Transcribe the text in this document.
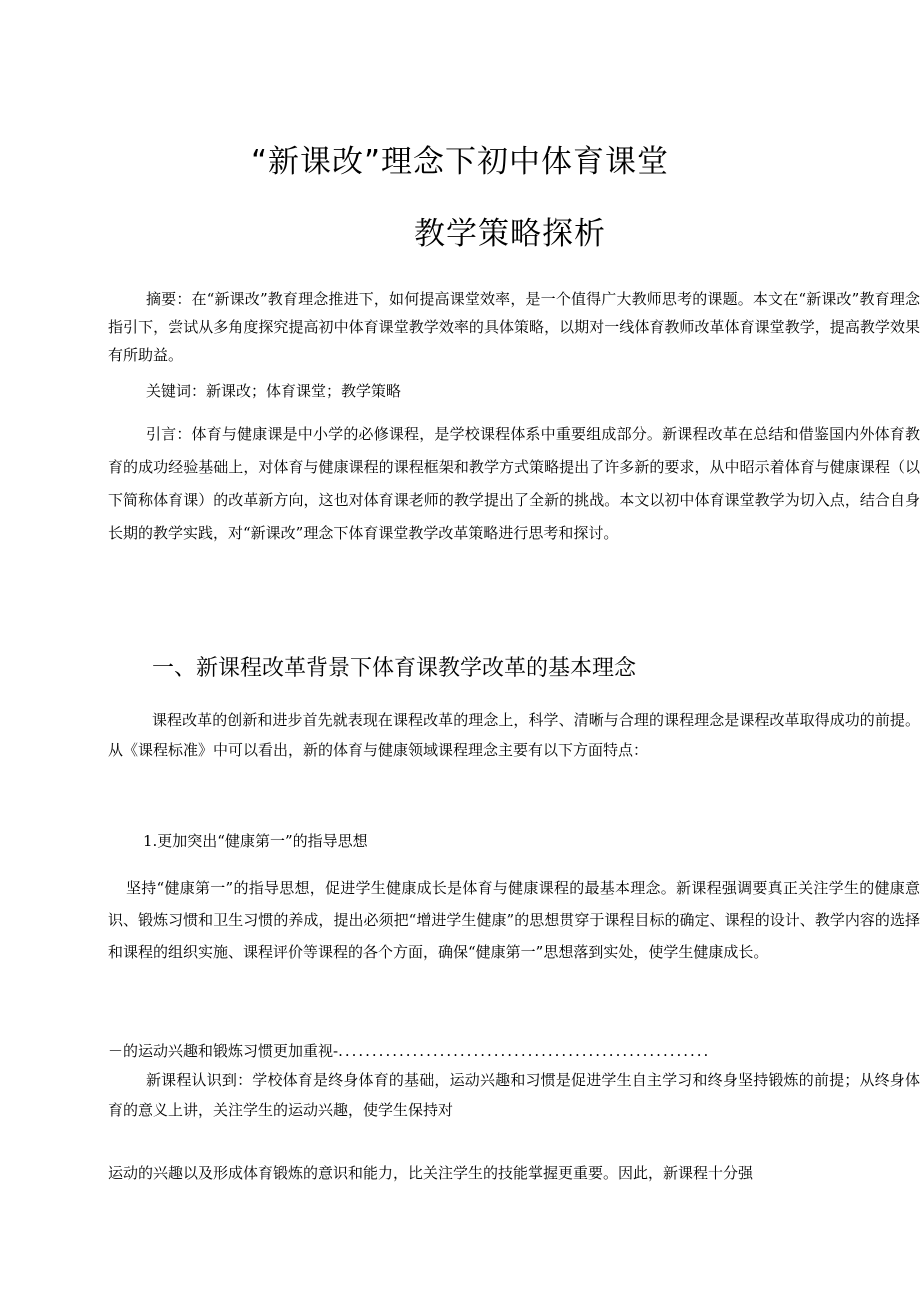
“新课改”理念下初中体育课堂
教学策略探析

摘要：在“新课改”教育理念推进下，如何提高课堂效率，是一个值得广大教师思考的课题。本文在“新课改”教育理念指引下，尝试从多角度探究提高初中体育课堂教学效率的具体策略，以期对一线体育教师改革体育课堂教学，提高教学效果有所助益。

关键词：新课改；体育课堂；教学策略

引言：体育与健康课是中小学的必修课程，是学校课程体系中重要组成部分。新课程改革在总结和借鉴国内外体育教育的成功经验基础上，对体育与健康课程的课程框架和教学方式策略提出了许多新的要求，从中昭示着体育与健康课程（以下简称体育课）的改革新方向，这也对体育课老师的教学提出了全新的挑战。本文以初中体育课堂教学为切入点，结合自身长期的教学实践，对“新课改”理念下体育课堂教学改革策略进行思考和探讨。

一、新课程改革背景下体育课教学改革的基本理念

课程改革的创新和进步首先就表现在课程改革的理念上，科学、清晰与合理的课程理念是课程改革取得成功的前提。从《课程标准》中可以看出，新的体育与健康领域课程理念主要有以下方面特点：

1.更加突出“健康第一”的指导思想

坚持“健康第一”的指导思想，促进学生健康成长是体育与健康课程的最基本理念。新课程强调要真正关注学生的健康意识、锻炼习惯和卫生习惯的养成，提出必须把“增进学生健康”的思想贯穿于课程目标的确定、课程的设计、教学内容的选择和课程的组织实施、课程评价等课程的各个方面，确保“健康第一”思想落到实处，使学生健康成长。

－的运动兴趣和锻炼习惯更加重视-.......................................................

新课程认识到：学校体育是终身体育的基础，运动兴趣和习惯是促进学生自主学习和终身坚持锻炼的前提；从终身体育的意义上讲，关注学生的运动兴趣，使学生保持对

运动的兴趣以及形成体育锻炼的意识和能力，比关注学生的技能掌握更重要。因此，新课程十分强
